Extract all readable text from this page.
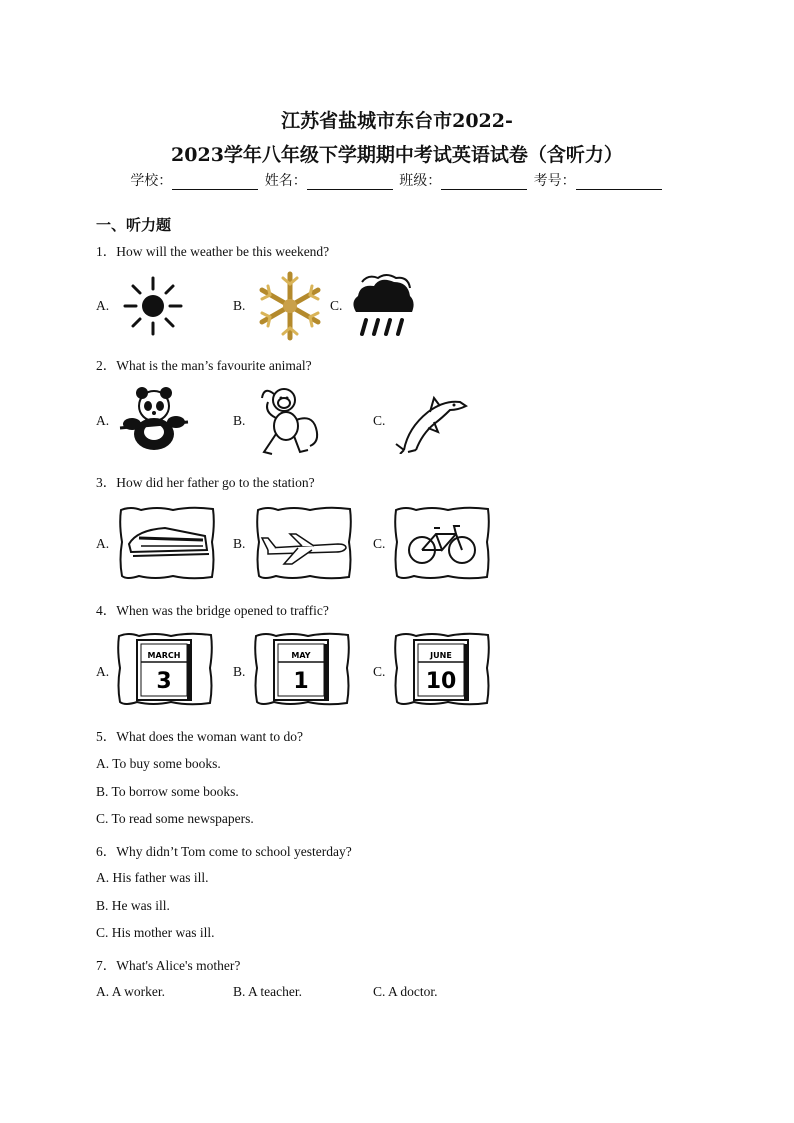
江苏省盐城市东台市2022-
2023学年八年级下学期期中考试英语试卷（含听力）
学校：	姓名：	班级：	考号：
一、听力题
1．How will the weather be this weekend?
A.	B.	C.
2．What is the man’s favourite animal?
A.	B.	C.
3．How did her father go to the station?
A.	B.	C.
4．When was the bridge opened to traffic?
A.
MARCH
3	B.
MAY
1	C.
JUNE
10
5．What does the woman want to do?
A. To buy some books.
B. To borrow some books.
C. To read some newspapers.
6．Why didn’t Tom come to school yesterday?
A. His father was ill.
B. He was ill.
C. His mother was ill.
7．What's Alice's mother?
A. A worker.	B. A teacher.	C. A doctor.
